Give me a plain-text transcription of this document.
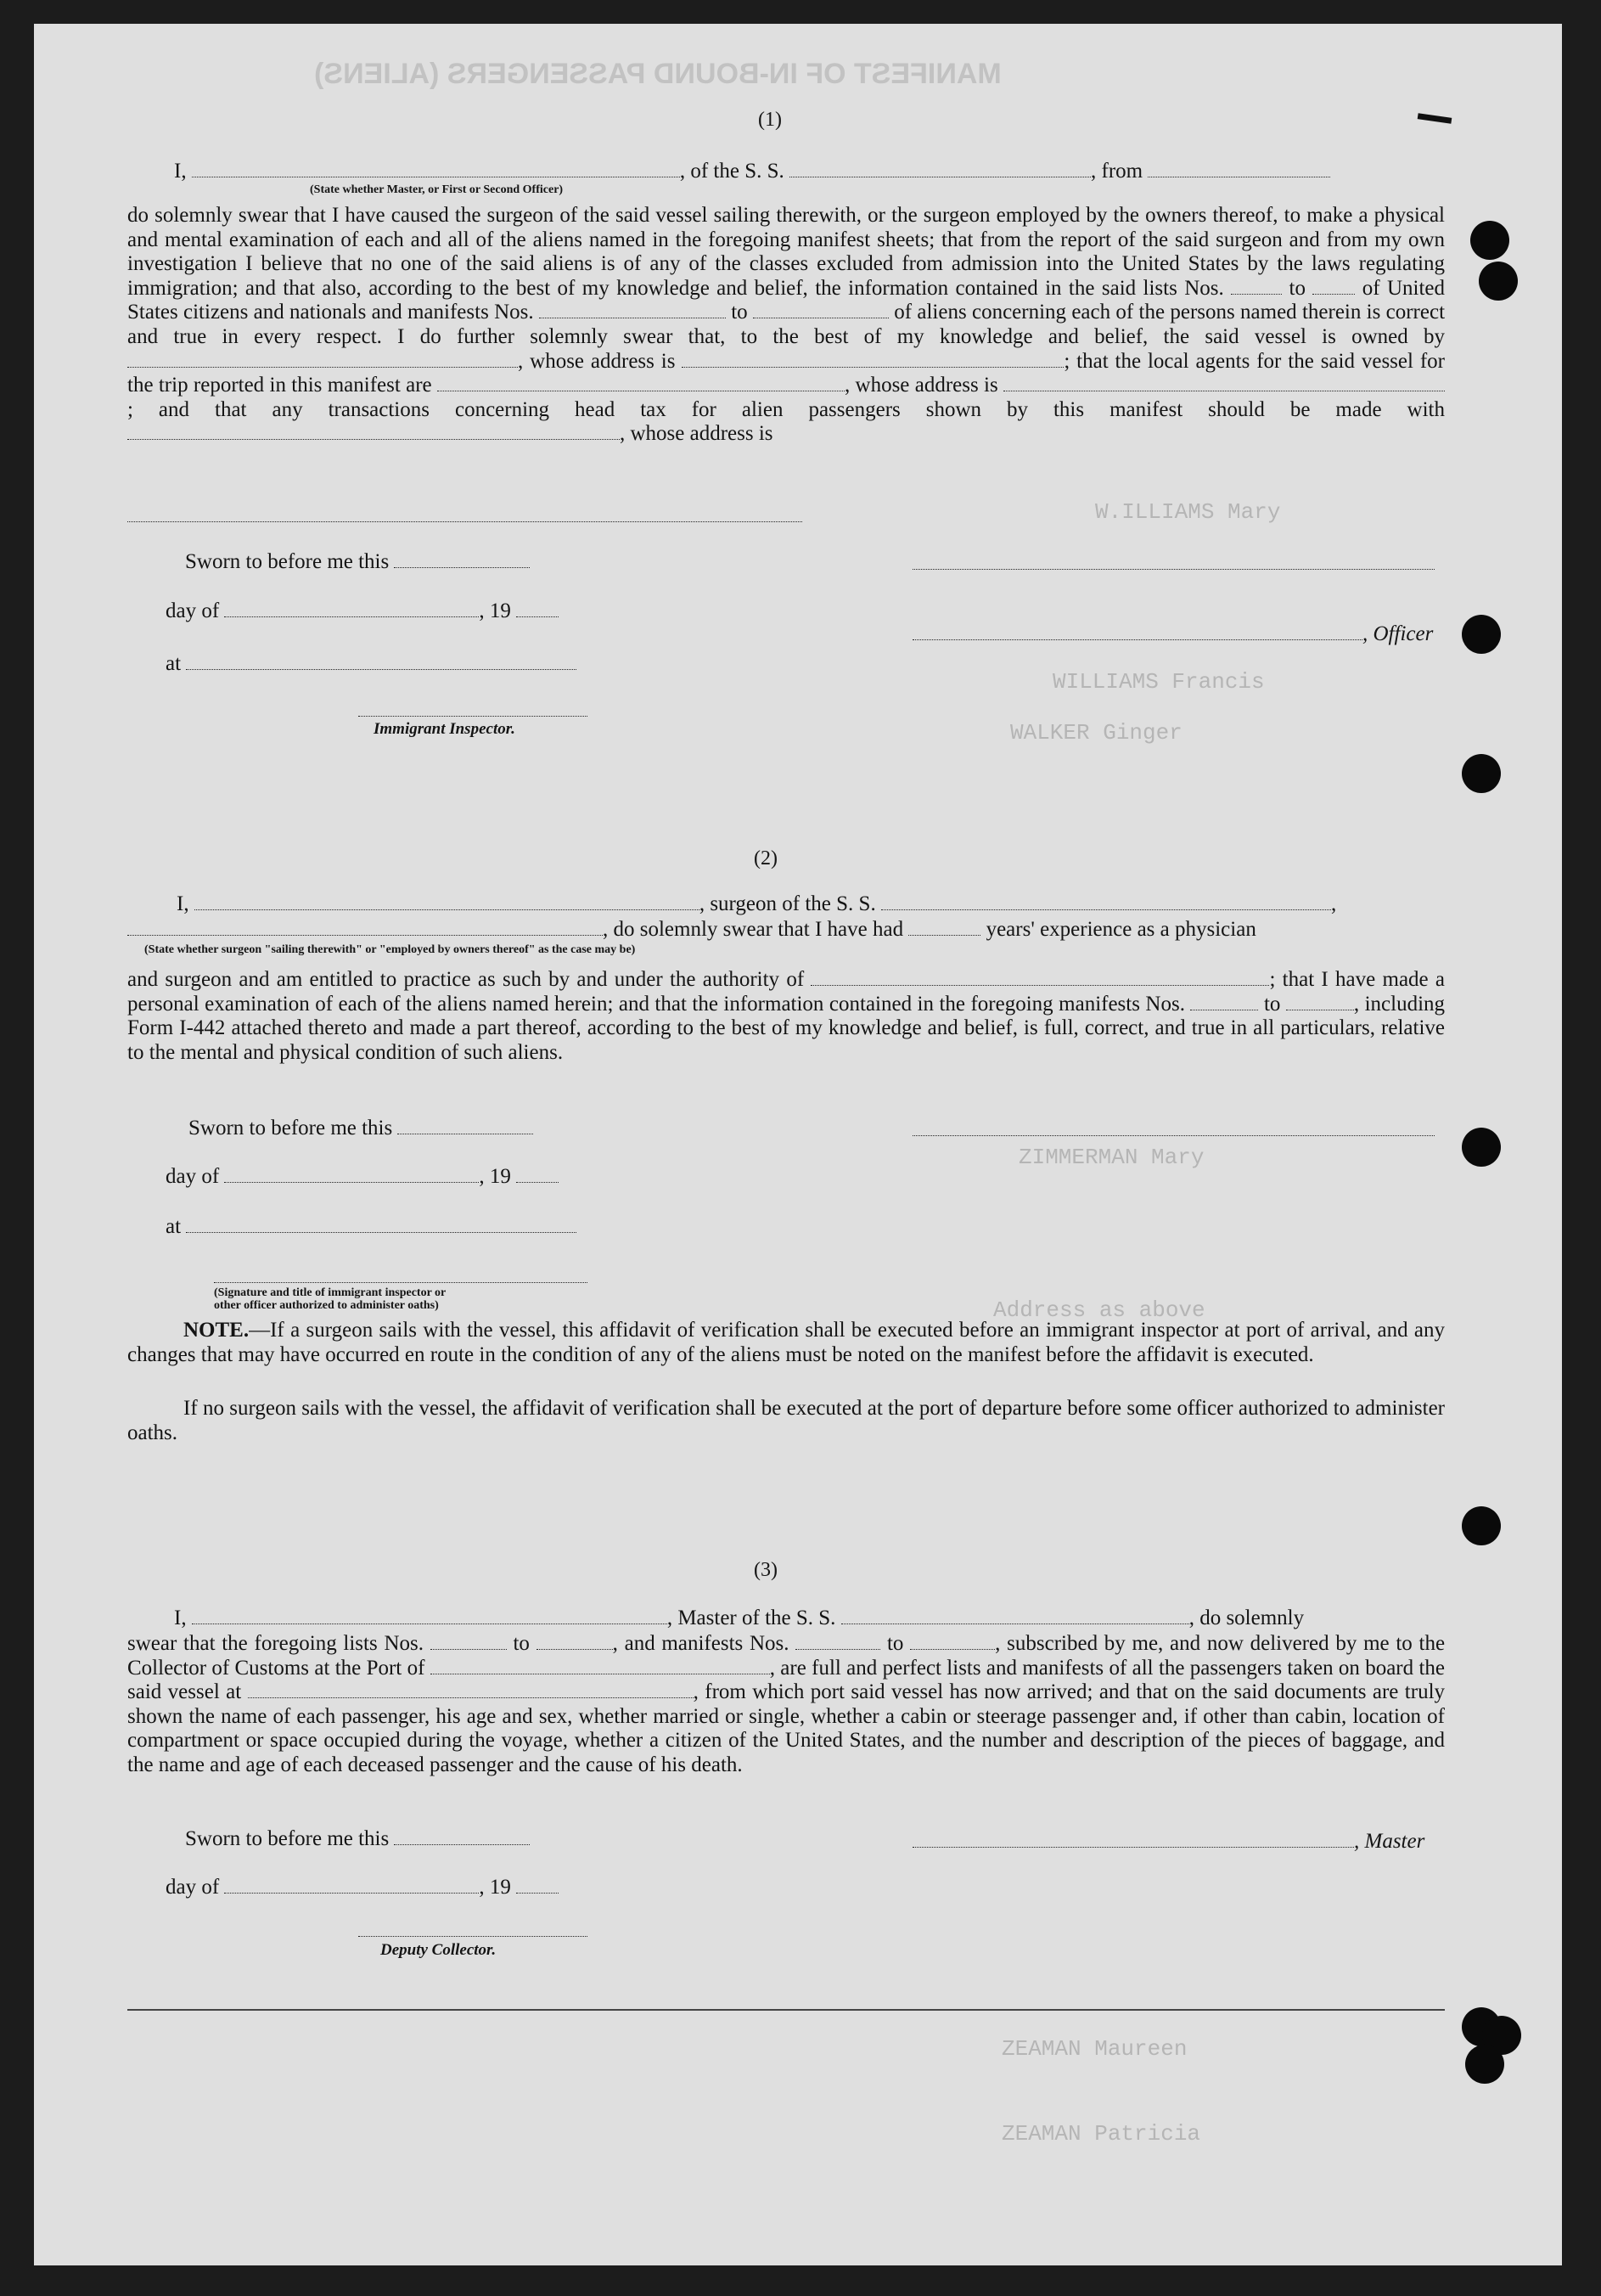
MANIFEST OF IN-BOUND PASSENGERS (ALIENS)
W.ILLIAMS Mary
WILLIAMS Francis
WALKER Ginger
ZIMMERMAN Mary
Address as above
ZEAMAN Maureen
ZEAMAN Patricia
(1)
I,	, of the S. S.	, from
(State whether Master, or First or Second Officer)
do solemnly swear that I have caused the surgeon of the said vessel sailing therewith, or the surgeon employed by the owners thereof, to make a physical and mental examination of each and all of the aliens named in the foregoing manifest sheets; that from the report of the said surgeon and from my own investigation I believe that no one of the said aliens is of any of the classes excluded from admission into the United States by the laws regulating immigration; and that also, according to the best of my knowledge and belief, the information contained in the said lists Nos.	to	of United States citizens and nationals and manifests Nos.	to	of aliens concerning each of the persons named therein is correct and true in every respect. I do further solemnly swear that, to the best of my knowledge and belief, the said vessel is owned by , whose address is	; that the local agents for the said vessel for the trip reported in this manifest are	, whose address is ; and that any transactions concerning head tax for alien passengers shown by this manifest should be made with , whose address is
Sworn to before me this
day of	, 19
, Officer
at
Immigrant Inspector.
(2)
I,	, surgeon of the S. S.	,
, do solemnly swear that I have had	years' experience as a physician
(State whether surgeon "sailing therewith" or "employed by owners thereof" as the case may be)
and surgeon and am entitled to practice as such by and under the authority of	; that I have made a personal examination of each of the aliens named herein; and that the information contained in the foregoing manifests Nos.	to	, including Form I-442 attached thereto and made a part thereof, according to the best of my knowledge and belief, is full, correct, and true in all particulars, relative to the mental and physical condition of such aliens.
Sworn to before me this
day of	, 19
at
(Signature and title of immigrant inspector or
other officer authorized to administer oaths)
NOTE.—If a surgeon sails with the vessel, this affidavit of verification shall be executed before an immigrant inspector at port of arrival, and any changes that may have occurred en route in the condition of any of the aliens must be noted on the manifest before the affidavit is executed.
If no surgeon sails with the vessel, the affidavit of verification shall be executed at the port of departure before some officer authorized to administer oaths.
(3)
I,	, Master of the S. S.	, do solemnly
swear that the foregoing lists Nos.	to	, and manifests Nos.	to	, subscribed by me, and now delivered by me to the Collector of Customs at the Port of	, are full and perfect lists and manifests of all the passengers taken on board the said vessel at	, from which port said vessel has now arrived; and that on the said documents are truly shown the name of each passenger, his age and sex, whether married or single, whether a cabin or steerage passenger and, if other than cabin, location of compartment or space occupied during the voyage, whether a citizen of the United States, and the number and description of the pieces of baggage, and the name and age of each deceased passenger and the cause of his death.
Sworn to before me this	, Master
day of	, 19
Deputy Collector.
